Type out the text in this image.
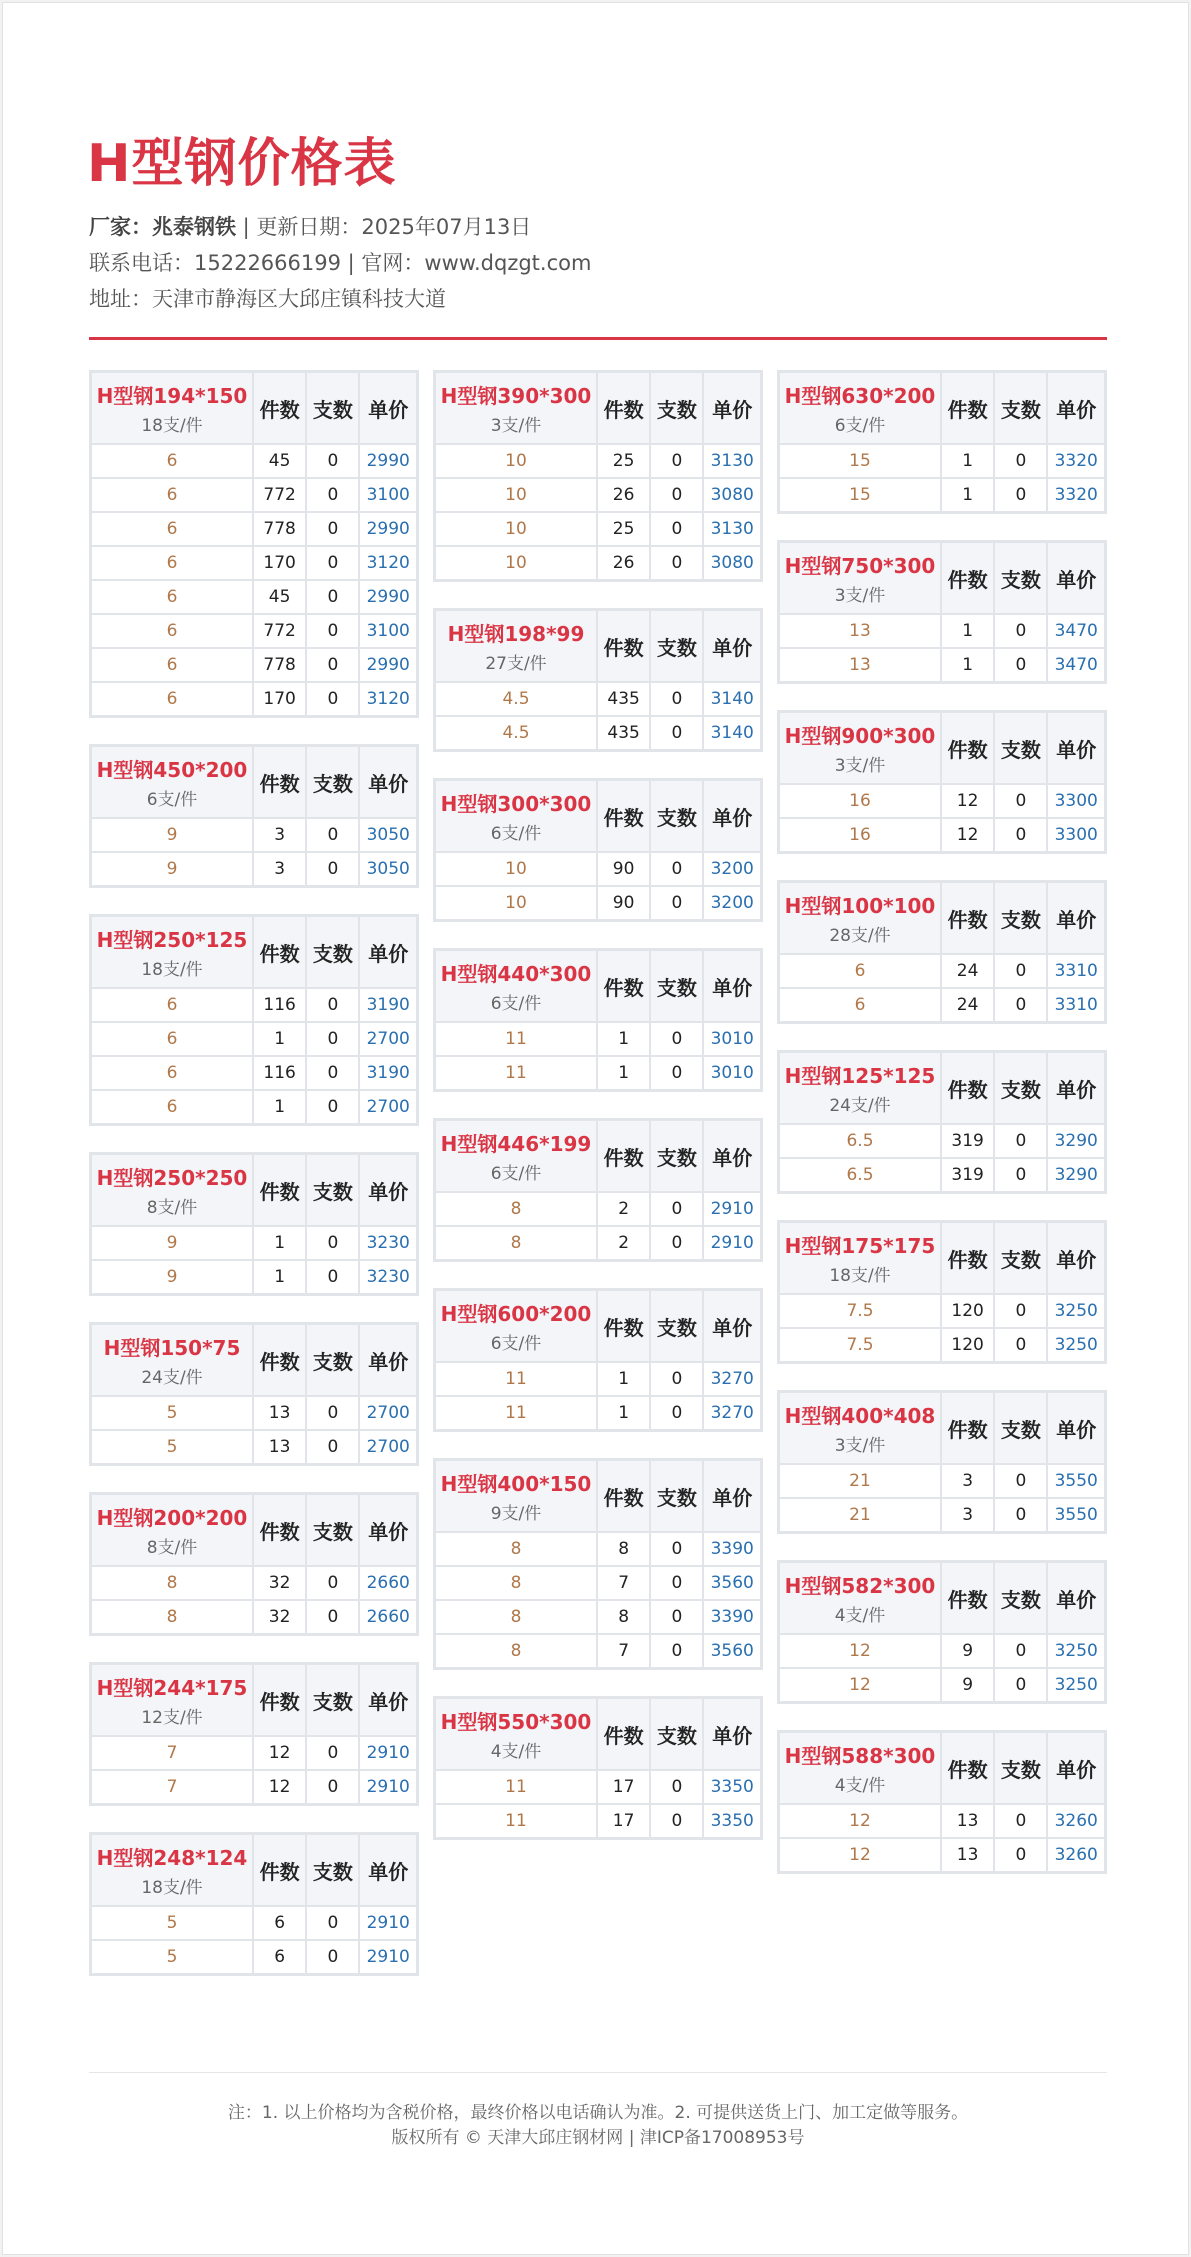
H型钢价格表
厂家：兆泰钢铁 | 更新日期：2025年07月13日
联系电话：15222666199 | 官网：www.dqzgt.com
地址：天津市静海区大邱庄镇科技大道
H型钢194*150
18支/件	件数	支数	单价
6	45	0	2990
6	772	0	3100
6	778	0	2990
6	170	0	3120
6	45	0	2990
6	772	0	3100
6	778	0	2990
6	170	0	3120
H型钢450*200
6支/件	件数	支数	单价
9	3	0	3050
9	3	0	3050
H型钢250*125
18支/件	件数	支数	单价
6	116	0	3190
6	1	0	2700
6	116	0	3190
6	1	0	2700
H型钢250*250
8支/件	件数	支数	单价
9	1	0	3230
9	1	0	3230
H型钢150*75
24支/件	件数	支数	单价
5	13	0	2700
5	13	0	2700
H型钢200*200
8支/件	件数	支数	单价
8	32	0	2660
8	32	0	2660
H型钢244*175
12支/件	件数	支数	单价
7	12	0	2910
7	12	0	2910
H型钢248*124
18支/件	件数	支数	单价
5	6	0	2910
5	6	0	2910
H型钢390*300
3支/件	件数	支数	单价
10	25	0	3130
10	26	0	3080
10	25	0	3130
10	26	0	3080
H型钢198*99
27支/件	件数	支数	单价
4.5	435	0	3140
4.5	435	0	3140
H型钢300*300
6支/件	件数	支数	单价
10	90	0	3200
10	90	0	3200
H型钢440*300
6支/件	件数	支数	单价
11	1	0	3010
11	1	0	3010
H型钢446*199
6支/件	件数	支数	单价
8	2	0	2910
8	2	0	2910
H型钢600*200
6支/件	件数	支数	单价
11	1	0	3270
11	1	0	3270
H型钢400*150
9支/件	件数	支数	单价
8	8	0	3390
8	7	0	3560
8	8	0	3390
8	7	0	3560
H型钢550*300
4支/件	件数	支数	单价
11	17	0	3350
11	17	0	3350
H型钢630*200
6支/件	件数	支数	单价
15	1	0	3320
15	1	0	3320
H型钢750*300
3支/件	件数	支数	单价
13	1	0	3470
13	1	0	3470
H型钢900*300
3支/件	件数	支数	单价
16	12	0	3300
16	12	0	3300
H型钢100*100
28支/件	件数	支数	单价
6	24	0	3310
6	24	0	3310
H型钢125*125
24支/件	件数	支数	单价
6.5	319	0	3290
6.5	319	0	3290
H型钢175*175
18支/件	件数	支数	单价
7.5	120	0	3250
7.5	120	0	3250
H型钢400*408
3支/件	件数	支数	单价
21	3	0	3550
21	3	0	3550
H型钢582*300
4支/件	件数	支数	单价
12	9	0	3250
12	9	0	3250
H型钢588*300
4支/件	件数	支数	单价
12	13	0	3260
12	13	0	3260
注：1. 以上价格均为含税价格，最终价格以电话确认为准。2. 可提供送货上门、加工定做等服务。
版权所有 © 天津大邱庄钢材网 | 津ICP备17008953号
